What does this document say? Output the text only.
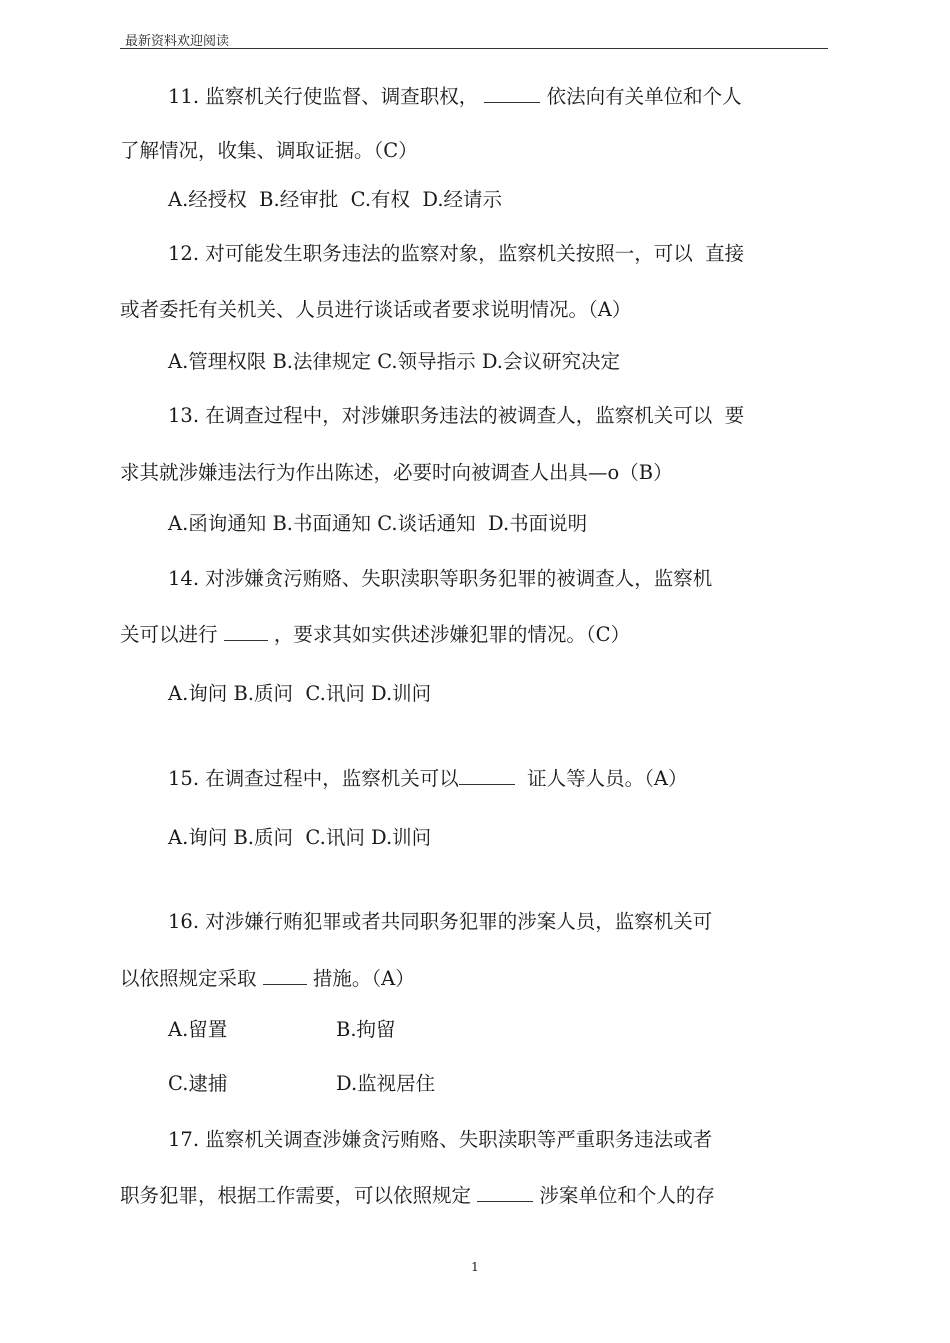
最新资料欢迎阅读
11. 监察机关行使监督、调查职权，	依法向有关单位和个人
了解情况，收集、调取证据。（C）
A.经授权  B.经审批  C.有权  D.经请示
12. 对可能发生职务违法的监察对象，监察机关按照一，可以  直接
或者委托有关机关、人员进行谈话或者要求说明情况。（A）
A.管理权限 B.法律规定 C.领导指示 D.会议研究决定
13. 在调查过程中，对涉嫌职务违法的被调查人，监察机关可以  要
求其就涉嫌违法行为作出陈述，必要时向被调查人出具—o（B）
A.函询通知 B.书面通知 C.谈话通知  D.书面说明
14. 对涉嫌贪污贿赂、失职渎职等职务犯罪的被调查人，监察机
关可以进行	，要求其如实供述涉嫌犯罪的情况。（C）
A.询问 B.质问  C.讯问 D.训问
15. 在调查过程中，监察机关可以	证人等人员。（A）
A.询问 B.质问  C.讯问 D.训问
16. 对涉嫌行贿犯罪或者共同职务犯罪的涉案人员，监察机关可
以依照规定采取	措施。（A）
A.留置	B.拘留
C.逮捕	D.监视居住
17. 监察机关调查涉嫌贪污贿赂、失职渎职等严重职务违法或者
职务犯罪，根据工作需要，可以依照规定	涉案单位和个人的存
1
